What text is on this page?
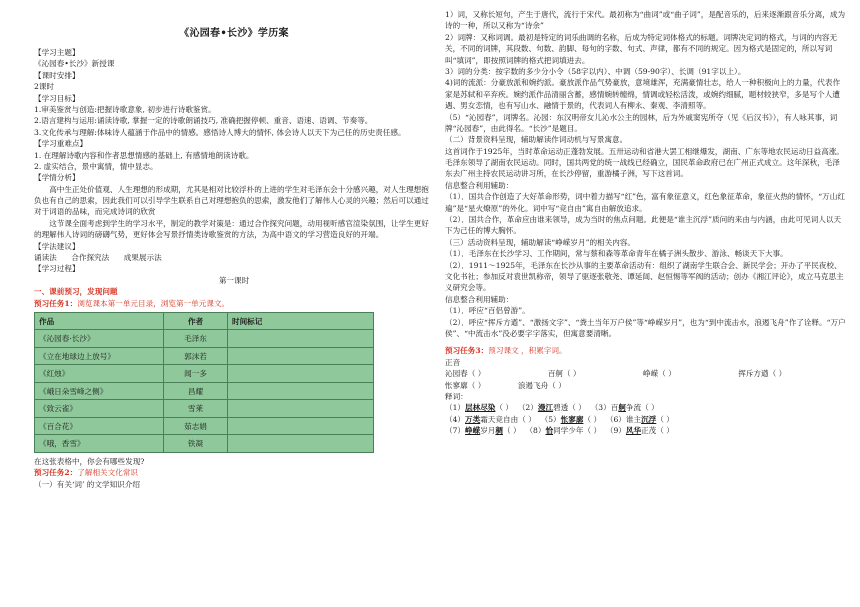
《沁园春•长沙》学历案

【学习主题】

《沁园春•长沙》新授课

【课时安排】

2课时

【学习目标】

1.审美鉴赏与创造:把握诗歌意象, 初步进行诗歌鉴赏。

2.语言建构与运用:诵读诗歌, 掌握一定的诗歌朗诵技巧, 准确把握停顿、重音、语速、语调、节奏等。

3.文化传承与理解:体味诗人蕴涵于作品中的情感。感悟诗人博大的情怀, 体会诗人以天下为己任的历史责任感。

【学习重难点】

1. 在理解诗歌内容和作者思想情感的基础上, 有感情地朗读诗歌。

2. 虚实结合，景中寓情，情中显志。

【学情分析】

高中生正处价值观、人生理想的形成期，尤其是相对比较浮朴的上进的学生对毛泽东会十分感兴趣，对人生理想抱负也有自己的思索，因此我们可以引导学生联系自己对理想抱负的思索，激发他们了解伟人心灵的兴趣；然后可以通过对于词语的品味，而完成诗词的欣赏

这节课全面考虑到学生的学习水平，制定的教学对策是：通过合作探究问题，动用视听感官渲染氛围，让学生更好的理解伟人诗词的磅礴气势，更好体会写景抒情类诗歌鉴赏的方法，为高中语文的学习营造良好的开端。

【学法建议】

诵读法 合作探究法 成果展示法

【学习过程】

第一课时

一、课前预习，发现问题

预习任务1：浏览课本第一单元目录，浏览第一单元课文。

作品	作者	时间标记
《沁园春·长沙》	毛泽东	
《立在地球边上放号》	郭沫若	
《红烛》	闻一多	
《峨日朵雪峰之侧》	昌耀	
《致云雀》	雪莱	
《百合花》	茹志娟	
《哦，香雪》	铁凝	

在这张表格中，你会有哪些发现?

预习任务2：了解相关文化常识

（一）有关‘词’ 的文学知识介绍

1）词，又称长短句，产生于唐代，流行于宋代。最初称为“曲词”或“曲子词”，是配音乐的，后来逐渐跟音乐分离，成为诗的一种，所以又称为“诗余”

2）词牌：又称词调。最初是特定的词乐曲调的名称，后成为特定词体格式的标题。词牌决定词的格式，与词的内容无关，不同的词牌，其段数、句数、韵脚、每句的字数、句式、声律，都有不同的规定。因为格式是固定的，所以写词叫“填词”，即按照词牌的格式把词填进去。

3）词的分类：按字数的多少分小令（58字以内）、中调（59-90字）、长调（91字以上）。

4)词的流派：分豪放派和婉约派。豪放派作品气势豪放，意境雄浑，充满豪情壮志，给人一种积极向上的力量，代表作家是苏轼和辛弃疾。婉约派作品清丽含蓄，感情婉转缠绵，情调或轻松活泼，或婉约细腻，题材较狭窄，多是写个人遭遇、男女恋情，也有写山水、融情于景的，代表词人有柳永、秦观、李清照等。

（5）“沁园春”，词牌名。沁园：东汉明帝女儿沁水公主的园林，后为外戚窦宪所夺（见《后汉书》），有人咏其事，词牌“沁园春”，由此得名。“长沙”是题目。

（二）背景资料呈现，辅助解读作词动机与写景寓意。

这首词作于1925年，当时革命运动正蓬勃发展。五卅运动和省港大罢工相继爆发，湖南、广东等地农民运动日益高涨。毛泽东领导了湖南农民运动。同时，国共两党的统一战线已经确立，国民革命政府已在广州正式成立。这年深秋，毛泽东去广州主持农民运动讲习所，在长沙停留，重游橘子洲，写下这首词。

信息整合利用辅助：

（1）．国共合作创造了大好革命形势，词中着力描写“红”色，富有象征意义，红色象征革命，象征火热的情怀，“万山红遍”是“星火燎原”的外化。词中写“竞自由”寓自由解放追求。

（2）．国共合作，革命应由谁来领导，成为当时的焦点问题。此便是“谁主沉浮”质问的来由与内涵，由此可见词人以天下为己任的博大胸怀。

（三）活动资料呈现，辅助解读“峥嵘岁月”的相关内容。

（1）．毛泽东在长沙学习、工作期间，常与蔡和森等革命青年在橘子洲头散步、游泳、畅谈天下大事。

（2）．1911～1925年，毛泽东在长沙从事的主要革命活动有：组织了湖南学生联合会、新民学会；开办了平民夜校、文化书社；参加反对袁世凯称帝，领导了驱逐张敬尧、谭延闿、赵恒惕等军阀的活动；创办《湘江评论》，成立马克思主义研究会等。

信息整合利用辅助：

（1）．呼应“百侣曾游”。

（2）．呼应“挥斥方遒”、“激扬文字”、“粪土当年万户侯”等“峥嵘岁月”，也为“到中流击水，浪遏飞舟”作了诠释。“万户侯”、“中流击水”没必要字字落实，但寓意要清晰。

预习任务3：预习课文 ，积累字词。

正音

沁园春（ ）	百舸（ ）	峥嵘（ ）	挥斥方遒（ ）

怅寥廓（ ）	浪遏飞舟（ ）

释词：

（1）层林尽染（ ） （2）漫江碧透（ ） （3）百舸争流（ ）

（4）万类霜天竞自由（ ） （5）怅寥廓（ ） （6）谁主沉浮（ ）

（7）峥嵘岁月稠（ ） （8）恰同学少年（ ） （9）风华正茂（ ）
